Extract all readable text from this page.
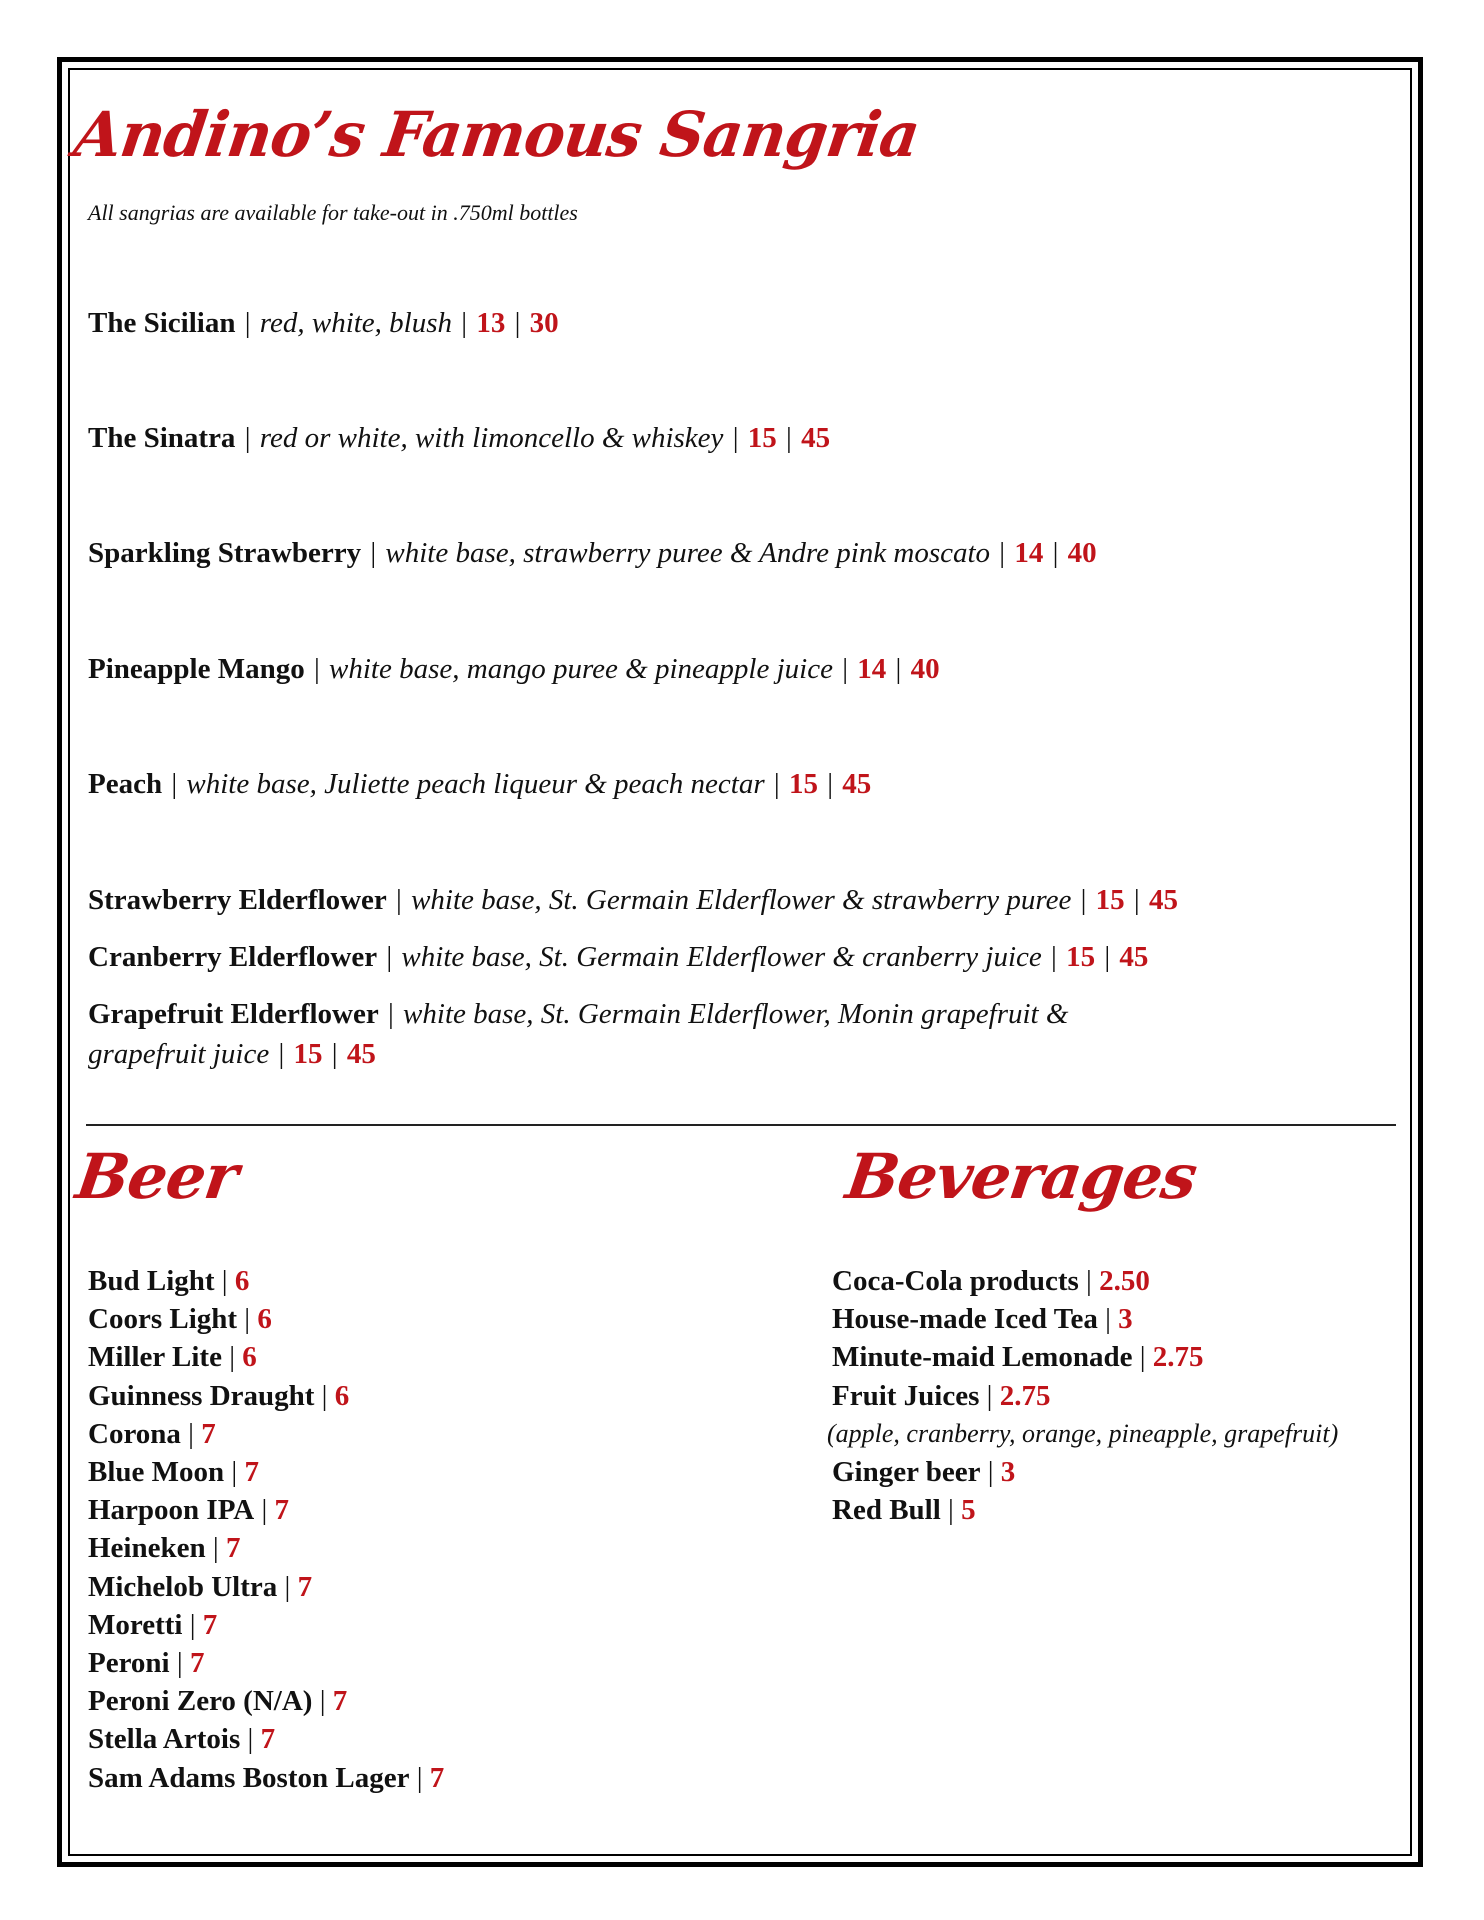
Andino’s Famous Sangria
All sangrias are available for take-out in .750ml bottles
The Sicilian | red, white, blush | 13 | 30
The Sinatra | red or white, with limoncello & whiskey | 15 | 45
Sparkling Strawberry | white base, strawberry puree & Andre pink moscato | 14 | 40
Pineapple Mango | white base, mango puree & pineapple juice | 14 | 40
Peach | white base, Juliette peach liqueur & peach nectar | 15 | 45
Strawberry Elderflower | white base, St. Germain Elderflower & strawberry puree | 15 | 45
Cranberry Elderflower | white base, St. Germain Elderflower & cranberry juice | 15 | 45
Grapefruit Elderflower | white base, St. Germain Elderflower, Monin grapefruit &
grapefruit juice | 15 | 45
Beer	Beverages
Bud Light | 6
Coors Light | 6
Miller Lite | 6
Guinness Draught | 6
Corona | 7
Blue Moon | 7
Harpoon IPA | 7
Heineken | 7
Michelob Ultra | 7
Moretti | 7
Peroni | 7
Peroni Zero (N/A) | 7
Stella Artois | 7
Sam Adams Boston Lager | 7
Coca-Cola products | 2.50
House-made Iced Tea | 3
Minute-maid Lemonade | 2.75
Fruit Juices | 2.75
(apple, cranberry, orange, pineapple, grapefruit)
Ginger beer | 3
Red Bull | 5
